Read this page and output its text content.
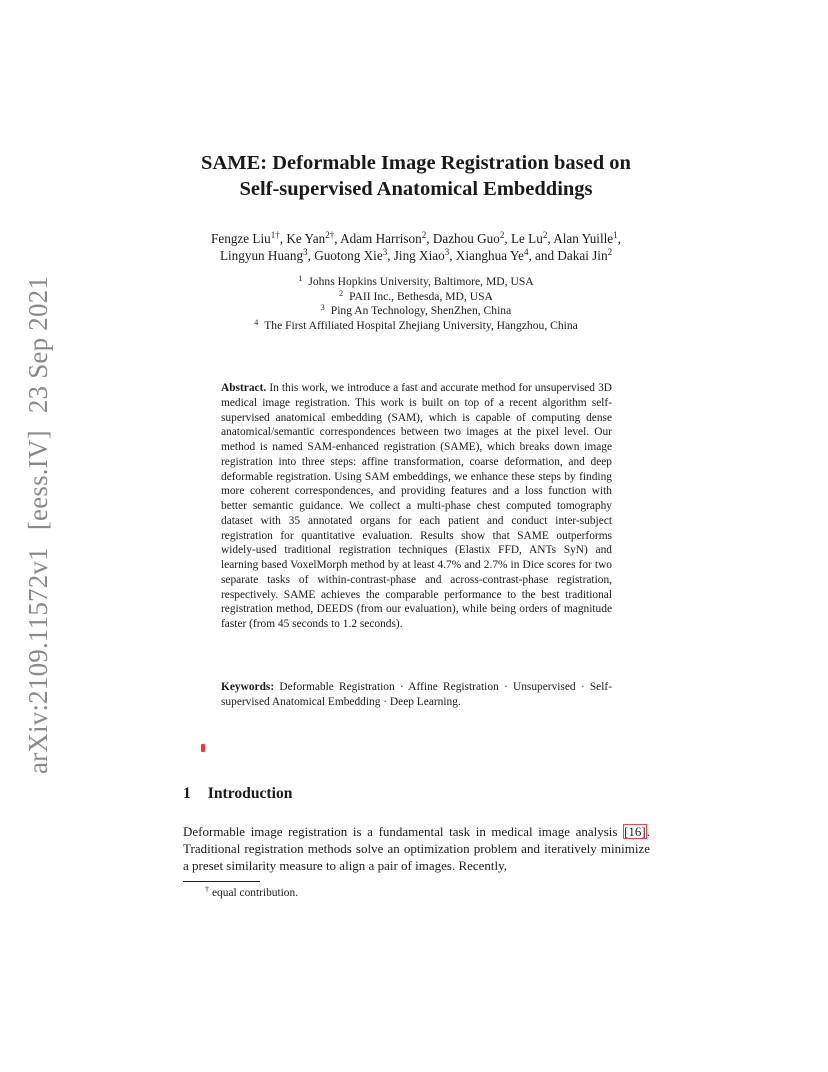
arXiv:2109.11572v1[eess.IV]23 Sep 2021
SAME: Deformable Image Registration based on
Self-supervised Anatomical Embeddings
Fengze Liu$^{1\dagger}$, Ke Yan$^{2\dagger}$, Adam Harrison$^2$, Dazhou Guo$^2$, Le Lu$^2$, Alan Yuille$^1$,
Lingyun Huang$^3$, Guotong Xie$^3$, Jing Xiao$^3$, Xianghua Ye$^4$, and Dakai Jin$^2$
$^1$ Johns Hopkins University, Baltimore, MD, USA
$^2$ PAII Inc., Bethesda, MD, USA
$^3$ Ping An Technology, ShenZhen, China
$^4$ The First Affiliated Hospital Zhejiang University, Hangzhou, China
Abstract. In this work, we introduce a fast and accurate method for unsupervised 3D medical image registration. This work is built on top of a recent algorithm self-supervised anatomical embedding (SAM), which is capable of computing dense anatomical/semantic correspondences between two images at the pixel level. Our method is named SAM-enhanced registration (SAME), which breaks down image registration into three steps: affine transformation, coarse deformation, and deep deformable registration. Using SAM embeddings, we enhance these steps by finding more coherent correspondences, and providing features and a loss function with better semantic guidance. We collect a multi-phase chest computed tomography dataset with 35 annotated organs for each patient and conduct inter-subject registration for quantitative evaluation. Results show that SAME outperforms widely-used traditional registration techniques (Elastix FFD, ANTs SyN) and learning based VoxelMorph method by at least 4.7% and 2.7% in Dice scores for two separate tasks of within-contrast-phase and across-contrast-phase registration, respectively. SAME achieves the comparable performance to the best traditional registration method, DEEDS (from our evaluation), while being orders of magnitude faster (from 45 seconds to 1.2 seconds).
Keywords: Deformable Registration · Affine Registration · Unsupervised · Self-supervised Anatomical Embedding · Deep Learning.
1 Introduction
Deformable image registration is a fundamental task in medical image analysis [16]. Traditional registration methods solve an optimization problem and iteratively minimize a preset similarity measure to align a pair of images. Recently,
† equal contribution.
